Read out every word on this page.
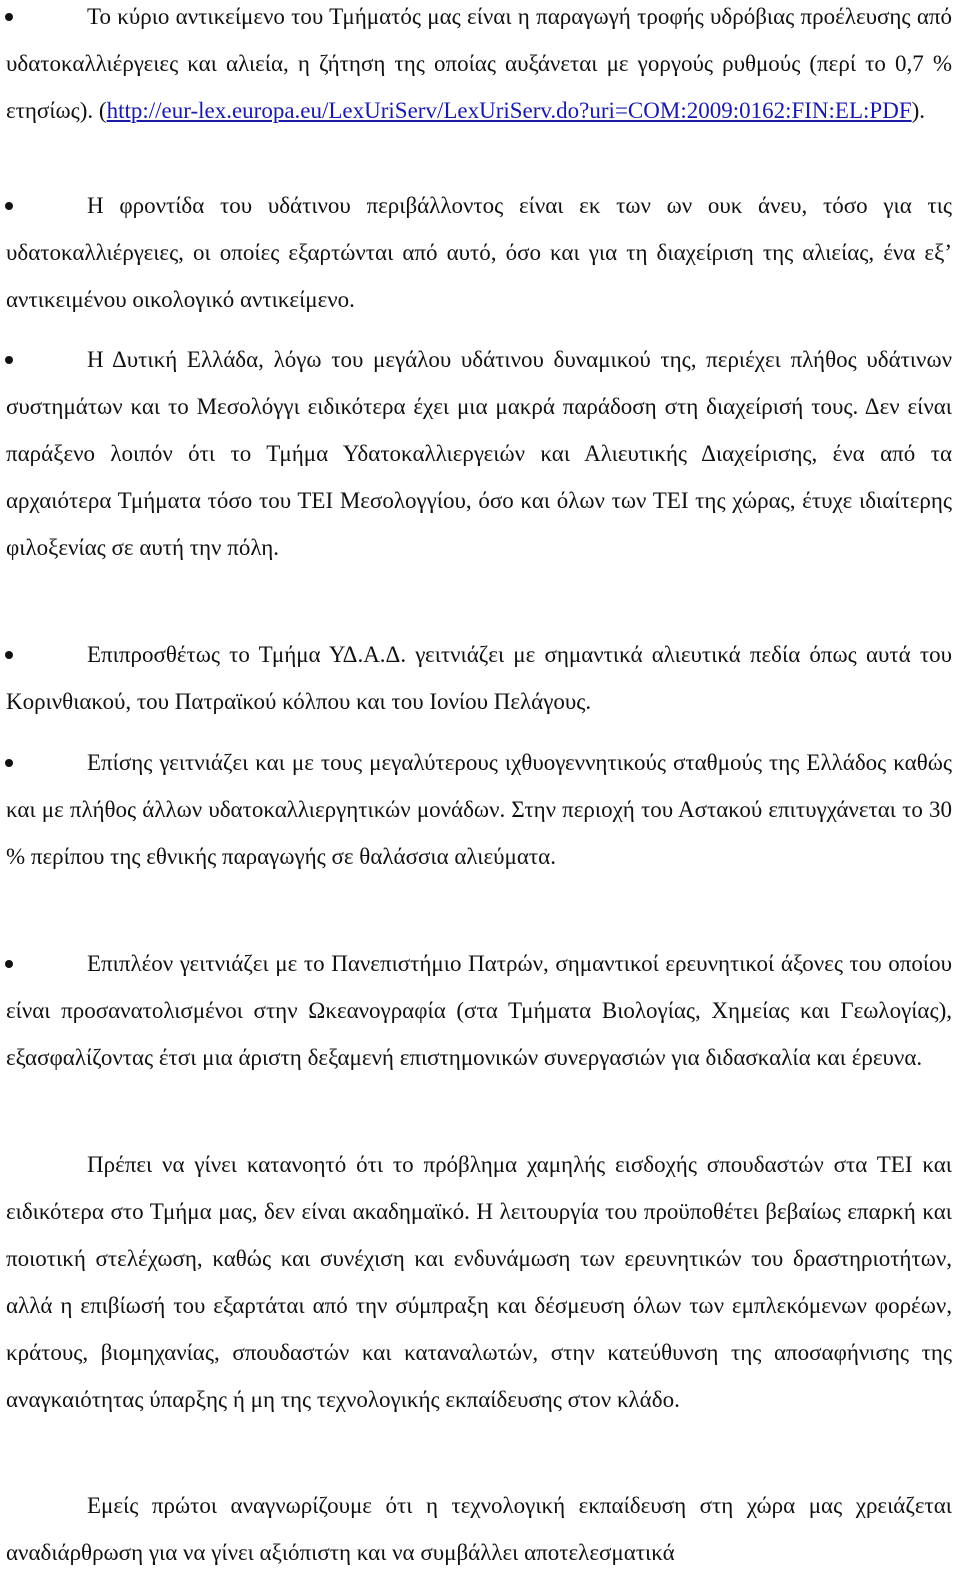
Το κύριο αντικείμενο του Τμήματός μας είναι η παραγωγή τροφής υδρόβιας προέλευσης από υδατοκαλλιέργειες και αλιεία, η ζήτηση της οποίας αυξάνεται με γοργούς ρυθμούς (περί το 0,7 % ετησίως). (http://eur-lex.europa.eu/LexUriServ/LexUriServ.do?uri=COM:2009:0162:FIN:EL:PDF).

Η φροντίδα του υδάτινου περιβάλλοντος είναι εκ των ων ουκ άνευ, τόσο για τις υδατοκαλλιέργειες, οι οποίες εξαρτώνται από αυτό, όσο και για τη διαχείριση της αλιείας, ένα εξ’ αντικειμένου οικολογικό αντικείμενο.

Η Δυτική Ελλάδα, λόγω του μεγάλου υδάτινου δυναμικού της, περιέχει πλήθος υδάτινων συστημάτων και το Μεσολόγγι ειδικότερα έχει μια μακρά παράδοση στη διαχείρισή τους. Δεν είναι παράξενο λοιπόν ότι το Τμήμα Υδατοκαλλιεργειών και Αλιευτικής Διαχείρισης, ένα από τα αρχαιότερα Τμήματα τόσο του ΤΕΙ Μεσολογγίου, όσο και όλων των ΤΕΙ της χώρας, έτυχε ιδιαίτερης φιλοξενίας σε αυτή την πόλη.

Επιπροσθέτως το Τμήμα ΥΔ.Α.Δ. γειτνιάζει με σημαντικά αλιευτικά πεδία όπως αυτά του Κορινθιακού, του Πατραϊκού κόλπου και του Ιονίου Πελάγους.

Επίσης γειτνιάζει και με τους μεγαλύτερους ιχθυογεννητικούς σταθμούς της Ελλάδος καθώς και με πλήθος άλλων υδατοκαλλιεργητικών μονάδων. Στην περιοχή του Αστακού επιτυγχάνεται το 30 % περίπου της εθνικής παραγωγής σε θαλάσσια αλιεύματα.

Επιπλέον γειτνιάζει με το Πανεπιστήμιο Πατρών, σημαντικοί ερευνητικοί άξονες του οποίου είναι προσανατολισμένοι στην Ωκεανογραφία (στα Τμήματα Βιολογίας, Χημείας και Γεωλογίας), εξασφαλίζοντας έτσι μια άριστη δεξαμενή επιστημονικών συνεργασιών για διδασκαλία και έρευνα.

Πρέπει να γίνει κατανοητό ότι το πρόβλημα χαμηλής εισδοχής σπουδαστών στα ΤΕΙ και ειδικότερα στο Τμήμα μας, δεν είναι ακαδημαϊκό. Η λειτουργία του προϋποθέτει βεβαίως επαρκή και ποιοτική στελέχωση, καθώς και συνέχιση και ενδυνάμωση των ερευνητικών του δραστηριοτήτων, αλλά η επιβίωσή του εξαρτάται από την σύμπραξη και δέσμευση όλων των εμπλεκόμενων φορέων, κράτους, βιομηχανίας, σπουδαστών και καταναλωτών, στην κατεύθυνση της αποσαφήνισης της αναγκαιότητας ύπαρξης ή μη της τεχνολογικής εκπαίδευσης στον κλάδο.

Εμείς πρώτοι αναγνωρίζουμε ότι η τεχνολογική εκπαίδευση στη χώρα μας χρειάζεται αναδιάρθρωση για να γίνει αξιόπιστη και να συμβάλλει αποτελεσματικά
